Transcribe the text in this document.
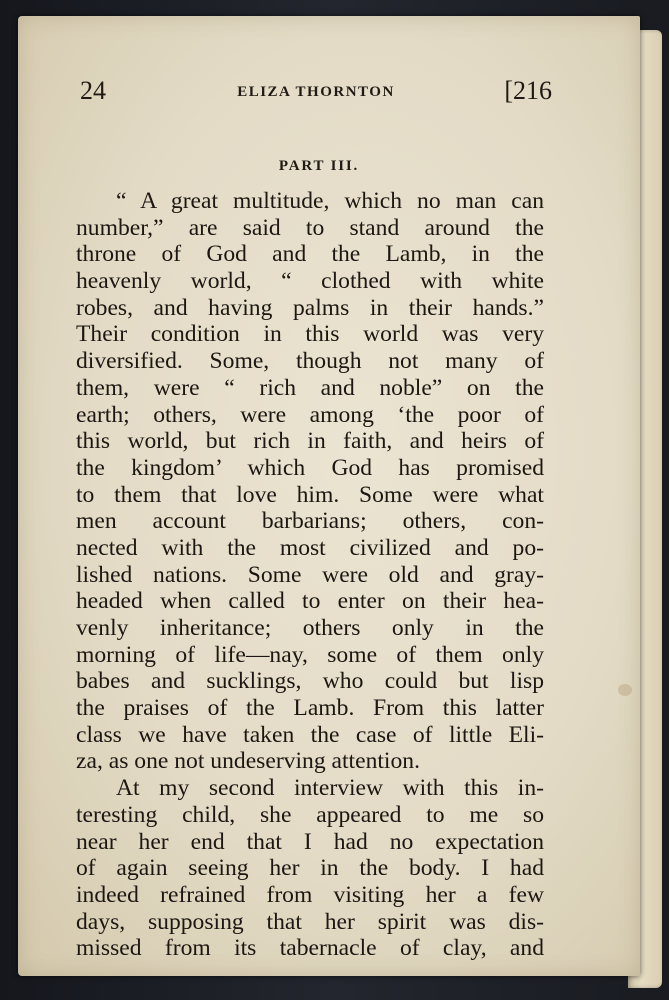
24	ELIZA THORNTON	[216
PART III.
“ A great multitude, which no man can
number,” are said to stand around the
throne of God and the Lamb, in the
heavenly world, “ clothed with white
robes, and having palms in their hands.”
Their condition in this world was very
diversified. Some, though not many of
them, were “ rich and noble” on the
earth; others, were among ‘the poor of
this world, but rich in faith, and heirs of
the kingdom’ which God has promised
to them that love him. Some were what
men account barbarians; others, con-
nected with the most civilized and po-
lished nations. Some were old and gray-
headed when called to enter on their hea-
venly inheritance; others only in the
morning of life—nay, some of them only
babes and sucklings, who could but lisp
the praises of the Lamb. From this latter
class we have taken the case of little Eli-
za, as one not undeserving attention.
At my second interview with this in-
teresting child, she appeared to me so
near her end that I had no expectation
of again seeing her in the body. I had
indeed refrained from visiting her a few
days, supposing that her spirit was dis-
missed from its tabernacle of clay, and
